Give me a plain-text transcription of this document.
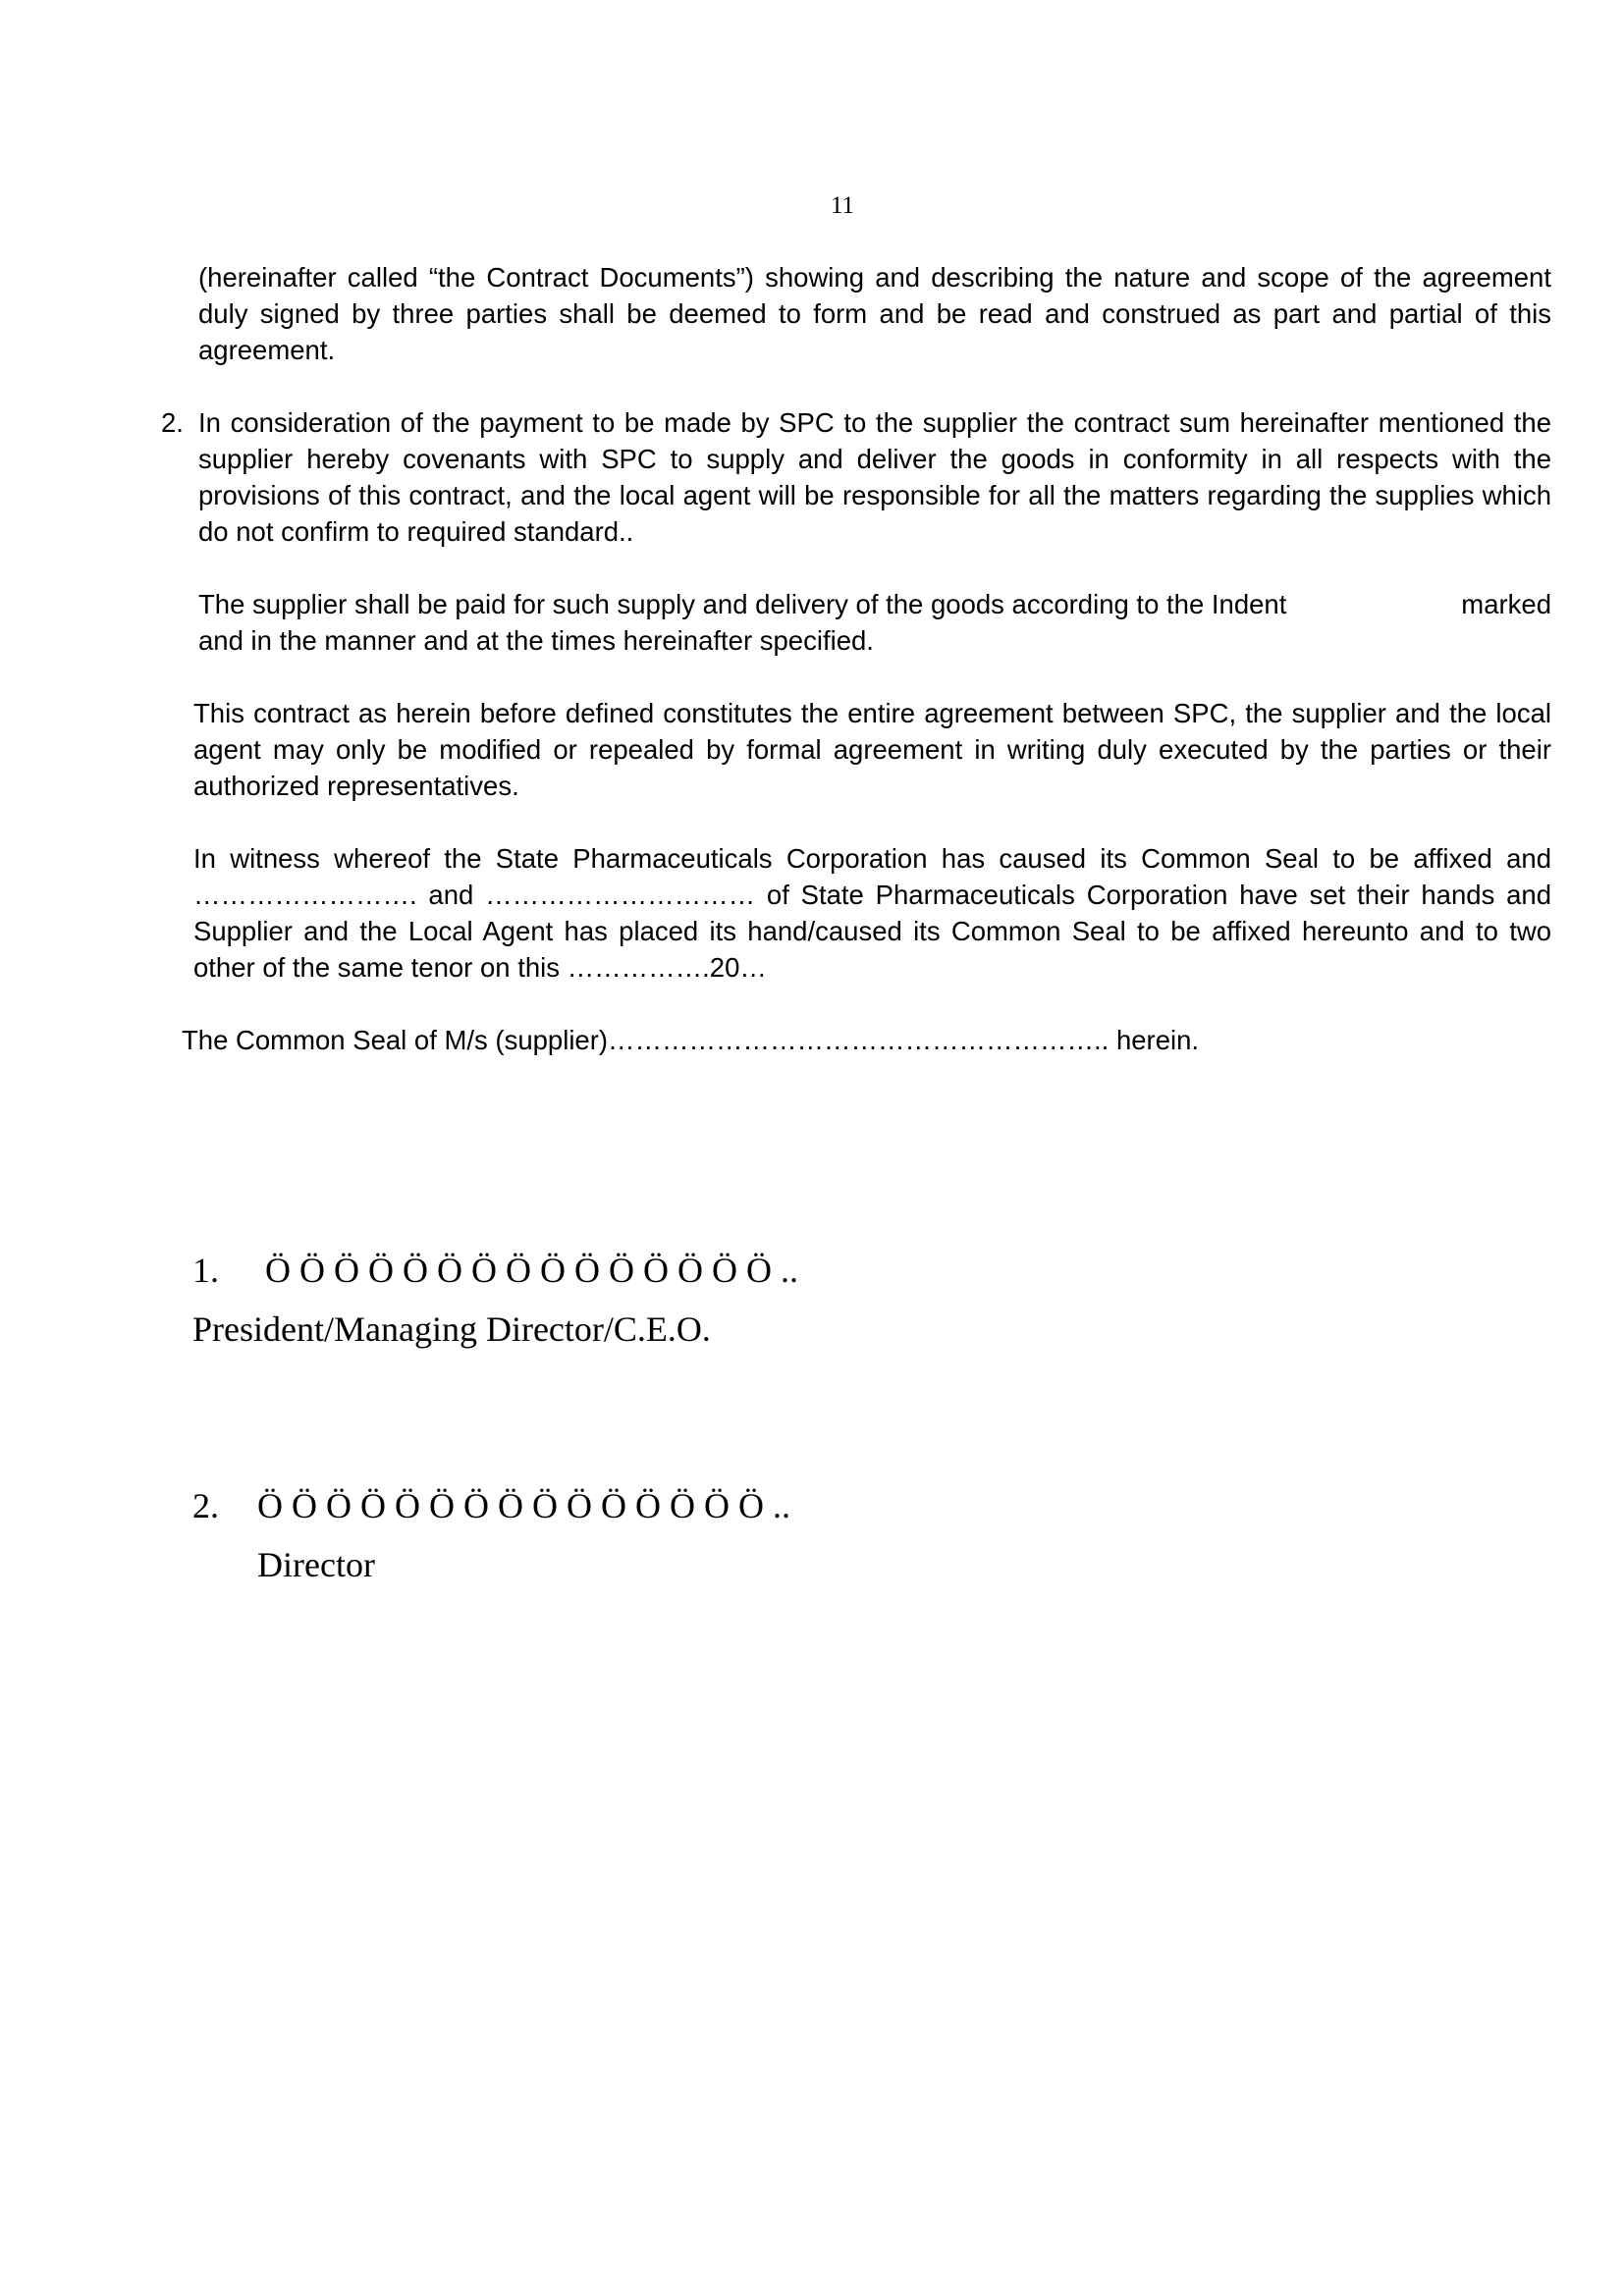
11

(hereinafter called “the Contract Documents”) showing and describing the nature and scope of the agreement duly signed by three parties shall be deemed to form and be read and construed as part and partial of this agreement.

2. In consideration of the payment to be made by SPC to the supplier the contract sum hereinafter mentioned the supplier hereby covenants with SPC to supply and deliver the goods in conformity in all respects with the provisions of this contract, and the local agent will be responsible for all the matters regarding the supplies which do not confirm to required standard..

The supplier shall be paid for such supply and delivery of the goods according to the Indent	marked

and in the manner and at the times hereinafter specified.

This contract as herein before defined constitutes the entire agreement between SPC, the supplier and the local agent may only be modified or repealed by formal agreement in writing duly executed by the parties or their authorized representatives.

In witness whereof the State Pharmaceuticals Corporation has caused its Common Seal to be affixed and ……………………. and ………………………… of State Pharmaceuticals Corporation have set their hands and Supplier and the Local Agent has placed its hand/caused its Common Seal to be affixed hereunto and to two other of the same tenor on this …………….20…

The Common Seal of M/s (supplier)……………………………………………….. herein.

1. Ö Ö Ö Ö Ö Ö Ö Ö Ö Ö Ö Ö Ö Ö Ö ..
President/Managing Director/C.E.O.
2. Ö Ö Ö Ö Ö Ö Ö Ö Ö Ö Ö Ö Ö Ö Ö ..
Director
